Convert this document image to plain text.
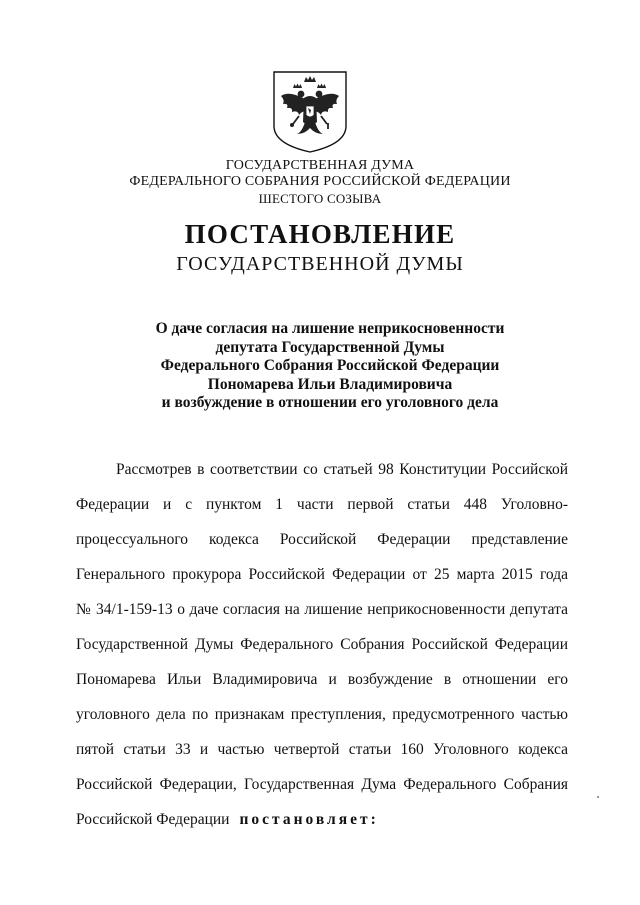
ГОСУДАРСТВЕННАЯ ДУМА
ФЕДЕРАЛЬНОГО СОБРАНИЯ РОССИЙСКОЙ ФЕДЕРАЦИИ
ШЕСТОГО СОЗЫВА
ПОСТАНОВЛЕНИЕ
ГОСУДАРСТВЕННОЙ ДУМЫ
О даче согласия на лишение неприкосновенности
депутата Государственной Думы
Федерального Собрания Российской Федерации
Пономарева Ильи Владимировича
и возбуждение в отношении его уголовного дела
Рассмотрев в соответствии со статьей 98 Конституции Российской
Федерации и с пунктом 1 части первой статьи 448 Уголовно-
процессуального кодекса Российской Федерации представление
Генерального прокурора Российской Федерации от 25 марта 2015 года
№ 34/1-159-13 о даче согласия на лишение неприкосновенности депутата
Государственной Думы Федерального Собрания Российской Федерации
Пономарева Ильи Владимировича и возбуждение в отношении его
уголовного дела по признакам преступления, предусмотренного частью
пятой статьи 33 и частью четвертой статьи 160 Уголовного кодекса
Российской Федерации, Государственная Дума Федерального Собрания
Российской Федерации постановляет:
